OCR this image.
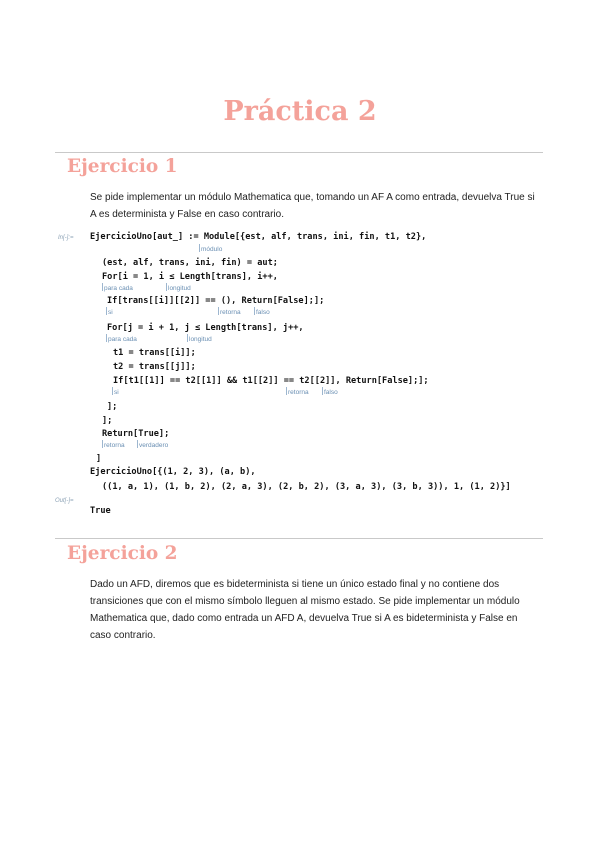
Práctica 2
Ejercicio 1
Se pide implementar un módulo Mathematica que, tomando un AF A como entrada, devuelva True si A es determinista y False en caso contrario.
In[-]:= EjercicioUno[aut_] := Module[{est, alf, trans, ini, fin, t1, t2},
módulo
(est, alf, trans, ini, fin) = aut;
For[i = 1, i ≤ Length[trans], i++,
para cada	longitud
If[trans[[i]][[2]] == (), Return[False];];
si	retorna	falso
For[j = i + 1, j ≤ Length[trans], j++,
para cada	longitud
t1 = trans[[i]];
t2 = trans[[j]];
If[t1[[1]] == t2[[1]] && t1[[2]] == t2[[2]], Return[False];];
si	retorna	falso
];
];
Return[True];
retorna	verdadero
]
EjercicioUno[{(1, 2, 3), (a, b),
((1, a, 1), (1, b, 2), (2, a, 3), (2, b, 2), (3, a, 3), (3, b, 3)), 1, (1, 2)}]
Out[-]=
True
Ejercicio 2
Dado un AFD, diremos que es bideterminista si tiene un único estado final y no contiene dos transiciones que con el mismo símbolo lleguen al mismo estado. Se pide implementar un módulo Mathematica que, dado como entrada un AFD A, devuelva True si A es bideterminista y False en caso contrario.
